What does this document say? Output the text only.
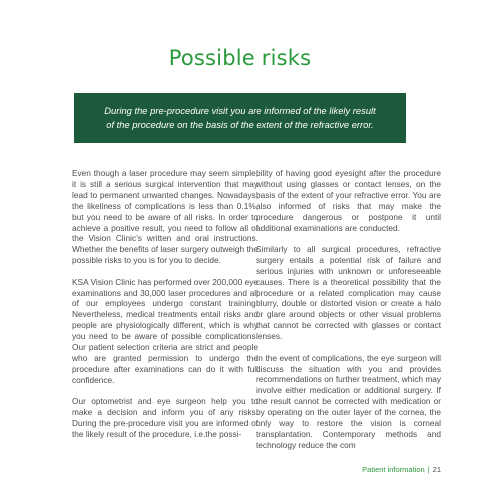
Possible risks
During the pre-procedure visit you are informed of the likely result
of the procedure on the basis of the extent of the refractive error.

Even though a laser procedure may seem simple, it is still a serious surgical intervention that may lead to permanent unwanted changes. Nowadays, the likeliness of complications is less than 0.1%, but you need to be aware of all risks. In order to achieve a positive result, you need to follow all of the Vision Clinic’s written and oral instructions. Whether the benefits of laser surgery outweigh the possible risks to you is for you to decide.

KSA Vision Clinic has performed over 200,000 eye examinations and 30,000 laser procedures and all of our employees undergo constant training. Nevertheless, medical treatments entail risks and people are physiologically different, which is why you need to be aware of possible complications. Our patient selection criteria are strict and people who are granted permission to undergo the procedure after examinations can do it with full confidence.

Our optometrist and eye surgeon help you to make a decision and inform you of any risks. During the pre-procedure visit you are informed of the likely result of the procedure, i.e.the possi-

bility of having good eyesight after the procedure without using glasses or contact lenses, on the basis of the extent of your refractive error. You are also informed of risks that may make the procedure dangerous or postpone it until additional examinations are conducted.

Similarly to all surgical procedures, refractive surgery entails a potential risk of failure and serious injuries with unknown or unforeseeable causes. There is a theoretical possibility that the procedure or a related complication may cause blurry, double or distorted vision or create a halo or glare around objects or other visual problems that cannot be corrected with glasses or contact lenses.

In the event of complications, the eye surgeon will discuss the situation with you and provides recommendations on further treatment, which may involve either medication or additional surgery. If the result cannot be corrected with medication or by operating on the outer layer of the cornea, the only way to restore the vision is corneal transplantation. Contemporary methods and technology reduce the com

Patient information | 21
